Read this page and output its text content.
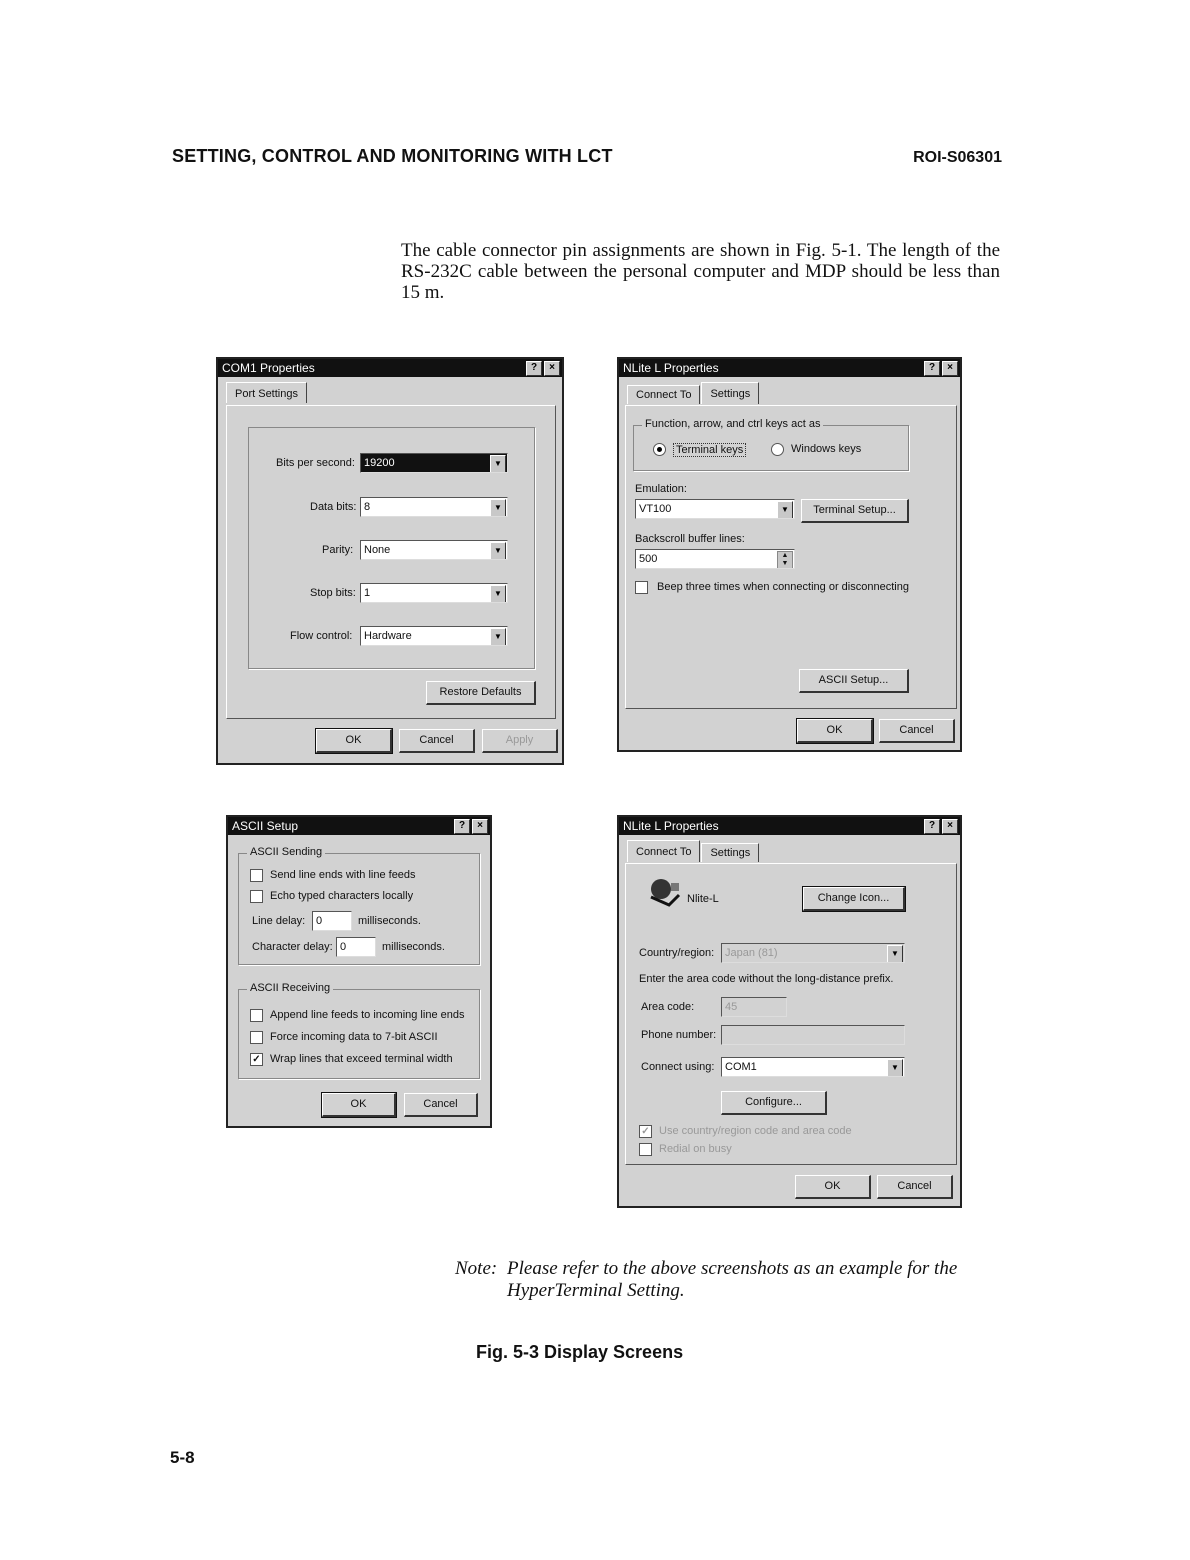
SETTING, CONTROL AND MONITORING WITH LCT	ROI-S06301
The cable connector pin assignments are shown in Fig. 5-1. The length of the RS-232C cable between the personal computer and MDP should be less than 15 m.
COM1 Properties	?	×
Port Settings
Bits per second: 19200	▼
Data bits: 8	▼
Parity: None	▼
Stop bits: 1	▼
Flow control:	Hardware	▼
Restore Defaults
OK	Cancel	Apply
NLite L Properties	?	×
Connect To	Settings
Function, arrow, and ctrl keys act as
Terminal keys	Windows keys
Emulation:
VT100	▼	Terminal Setup...
Backscroll buffer lines:
500	▲
▼
Beep three times when connecting or disconnecting
ASCII Setup...
OK	Cancel
ASCII Setup	?	×
ASCII Sending
Send line ends with line feeds
Echo typed characters locally
Line delay: 0	milliseconds.
Character delay: 0	milliseconds.
ASCII Receiving
Append line feeds to incoming line ends
Force incoming data to 7-bit ASCII
✓ Wrap lines that exceed terminal width
OK	Cancel
NLite L Properties	?	×
Connect To	Settings
Nlite-L	Change Icon...
Country/region: Japan (81)	▼
Enter the area code without the long-distance prefix.
Area code:	45
Phone number:
Connect using: COM1	▼
Configure...
✓ Use country/region code and area code
Redial on busy
OK	Cancel
Note: Please refer to the above screenshots as an example for the
HyperTerminal Setting.
Fig. 5-3 Display Screens
5-8
